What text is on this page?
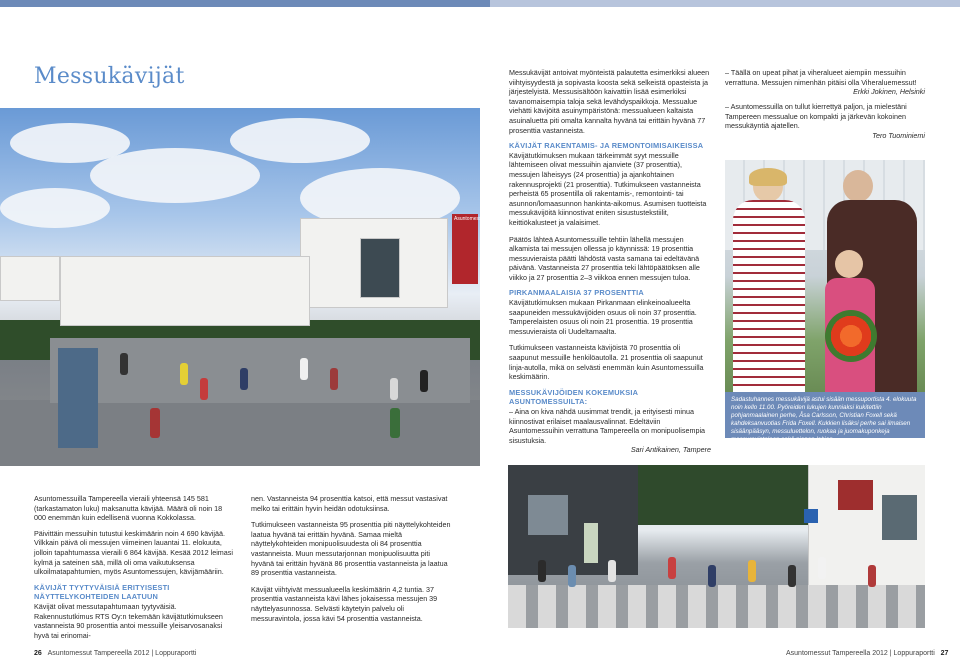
Messukävijät
Asuntomessut

Messukävijät antoivat myönteistä palautetta esimerkiksi alueen viihtyisyydestä ja sopivasta koosta sekä selkeistä opasteista ja järjestelyistä. Messusisältöön kaivattiin lisää esimerkiksi tavanomaisempia taloja sekä levähdyspaikkoja. Messualue viehätti kävijöitä asuinympäristönä: messualueen kaltaista asuinaluetta piti omalta kannalta hyvänä tai erittäin hyvänä 77 prosenttia vastanneista.

KÄVIJÄT RAKENTAMIS- JA REMONTOIMISAIKEISSA

Kävijätutkimuksen mukaan tärkeimmät syyt messuille lähtemiseen olivat messuihin ajanviete (37 prosenttia), messujen läheisyys (24 prosenttia) ja ajankohtainen rakennusprojekti (21 prosenttia). Tutkimukseen vastanneista perheistä 65 prosentilla oli rakentamis-, remontointi- tai asunnon/lomaasunnon hankinta-aikomus. Asumisen tuotteista messukävijöitä kiinnostivat eniten sisustustekstiilit, keittiökalusteet ja valaisimet.

Päätös lähteä Asuntomessuille tehtiin lähellä messujen alkamista tai messujen ollessa jo käynnissä: 19 prosenttia messuvieraista päätti lähdöstä vasta samana tai edeltävänä päivänä. Vastanneista 27 prosenttia teki lähtöpäätöksen alle viikko ja 27 prosenttia 2–3 viikkoa ennen messujen tuloa.

PIRKANMAALAISIA 37 PROSENTTIA

Kävijätutkimuksen mukaan Pirkanmaan elinkeinoalueelta saapuneiden messukävijöiden osuus oli noin 37 prosenttia. Tamperelaisten osuus oli noin 21 prosenttia. 19 prosenttia messuvieraista oli Uudeltamaalta.

Tutkimukseen vastanneista kävijöistä 70 prosenttia oli saapunut messuille henkilöautolla. 21 prosenttia oli saapunut linja-autolla, mikä on selvästi enemmän kuin Asuntomessuilla keskimäärin.

MESSUKÄVIJÖIDEN KOKEMUKSIA ASUNTOMESSUILTA:

– Aina on kiva nähdä uusimmat trendit, ja erityisesti minua kiinnostivat erilaiset maalausvalinnat. Edeltäviin Asuntomessuihin verrattuna Tampereella on monipuolisempia sisustuksia.

Sari Antikainen, Tampere

– Täällä on upeat pihat ja viheralueet aiempiin messuihin verrattuna. Messujen nimenhän pitäisi olla Viheraluemessut!

Erkki Jokinen, Helsinki

– Asuntomessuilla on tullut kierrettyä paljon, ja mielestäni Tampereen messualue on kompakti ja järkevän kokoinen messukäyntiä ajatellen.

Tero Tuominiemi

Sadastuhannes messukävijä astui sisään messuportista 4. elokuuta noin kello 11.00. Pyöreiden lukujen kunniaksi kukitettiin pohjanmaalainen perhe, Åsa Carlsson, Christian Foxell sekä kahdeksanvuotias Frida Foxell. Kukkien lisäksi perhe sai ilmaisen sisäänpääsyn, messuluettelon, ruokaa ja juomakuponkeja messuravintolaan sekä pienen lahjan.

Asuntomessuilla Tampereella vieraili yhteensä 145 581 (tarkastamaton luku) maksanutta kävijää. Määrä oli noin 18 000 enemmän kuin edellisenä vuonna Kokkolassa.

Päivittäin messuihin tutustui keskimäärin noin 4 690 kävijää. Vilkkain päivä oli messujen viimeinen lauantai 11. elokuuta, jolloin tapahtumassa vieraili 6 864 kävijää. Kesää 2012 leimasi kylmä ja sateinen sää, millä oli oma vaikutuksensa ulkoilmatapahtumien, myös Asuntomessujen, kävijämääriin.

KÄVIJÄT TYYTYVÄISIÄ ERITYISESTI NÄYTTELYKOHTEIDEN LAATUUN

Kävijät olivat messutapahtumaan tyytyväisiä. Rakennustutkimus RTS Oy:n tekemään kävijätutkimukseen vastanneista 90 prosenttia antoi messuille yleisarvosanaksi hyvä tai erinomai-

nen. Vastanneista 94 prosenttia katsoi, että messut vastasivat melko tai erittäin hyvin heidän odotuksiinsa.

Tutkimukseen vastanneista 95 prosenttia piti näyttelykohteiden laatua hyvänä tai erittäin hyvänä. Samaa mieltä näyttelykohteiden monipuolisuudesta oli 84 prosenttia vastanneista. Muun messutarjonnan monipuolisuutta piti hyvänä tai erittäin hyvänä 86 prosenttia vastanneista ja laatua 89 prosenttia vastanneista.

Kävijät viihtyivät messualueella keskimäärin 4,2 tuntia. 37 prosenttia vastanneista kävi lähes jokaisessa messujen 39 näyttelyasunnossa. Selvästi käytetyin palvelu oli messuravintola, jossa kävi 54 prosenttia vastanneista.

26 Asuntomessut Tampereella 2012 | Loppuraportti	Asuntomessut Tampereella 2012 | Loppuraportti 27
